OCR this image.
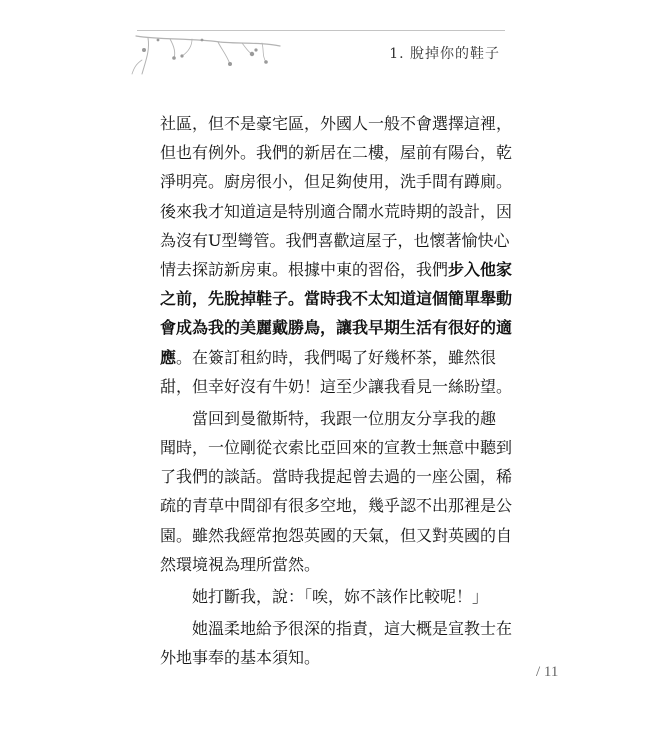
1. 脫掉你的鞋子
社區，但不是豪宅區，外國人一般不會選擇這裡，
但也有例外。我們的新居在二樓，屋前有陽台，乾
淨明亮。廚房很小，但足夠使用，洗手間有蹲廁。
後來我才知道這是特別適合鬧水荒時期的設計，因
為沒有U型彎管。我們喜歡這屋子，也懷著愉快心
情去探訪新房東。根據中東的習俗，我們步入他家
之前，先脫掉鞋子。當時我不太知道這個簡單舉動
會成為我的美麗戴勝鳥，讓我早期生活有很好的適
應。在簽訂租約時，我們喝了好幾杯茶，雖然很
甜，但幸好沒有牛奶！這至少讓我看見一絲盼望。
當回到曼徹斯特，我跟一位朋友分享我的趣
聞時，一位剛從衣索比亞回來的宣教士無意中聽到
了我們的談話。當時我提起曾去過的一座公園，稀
疏的青草中間卻有很多空地，幾乎認不出那裡是公
園。雖然我經常抱怨英國的天氣，但又對英國的自
然環境視為理所當然。
她打斷我，說：「唉，妳不該作比較呢！」
她溫柔地給予很深的指責，這大概是宣教士在
外地事奉的基本須知。
/ 11
